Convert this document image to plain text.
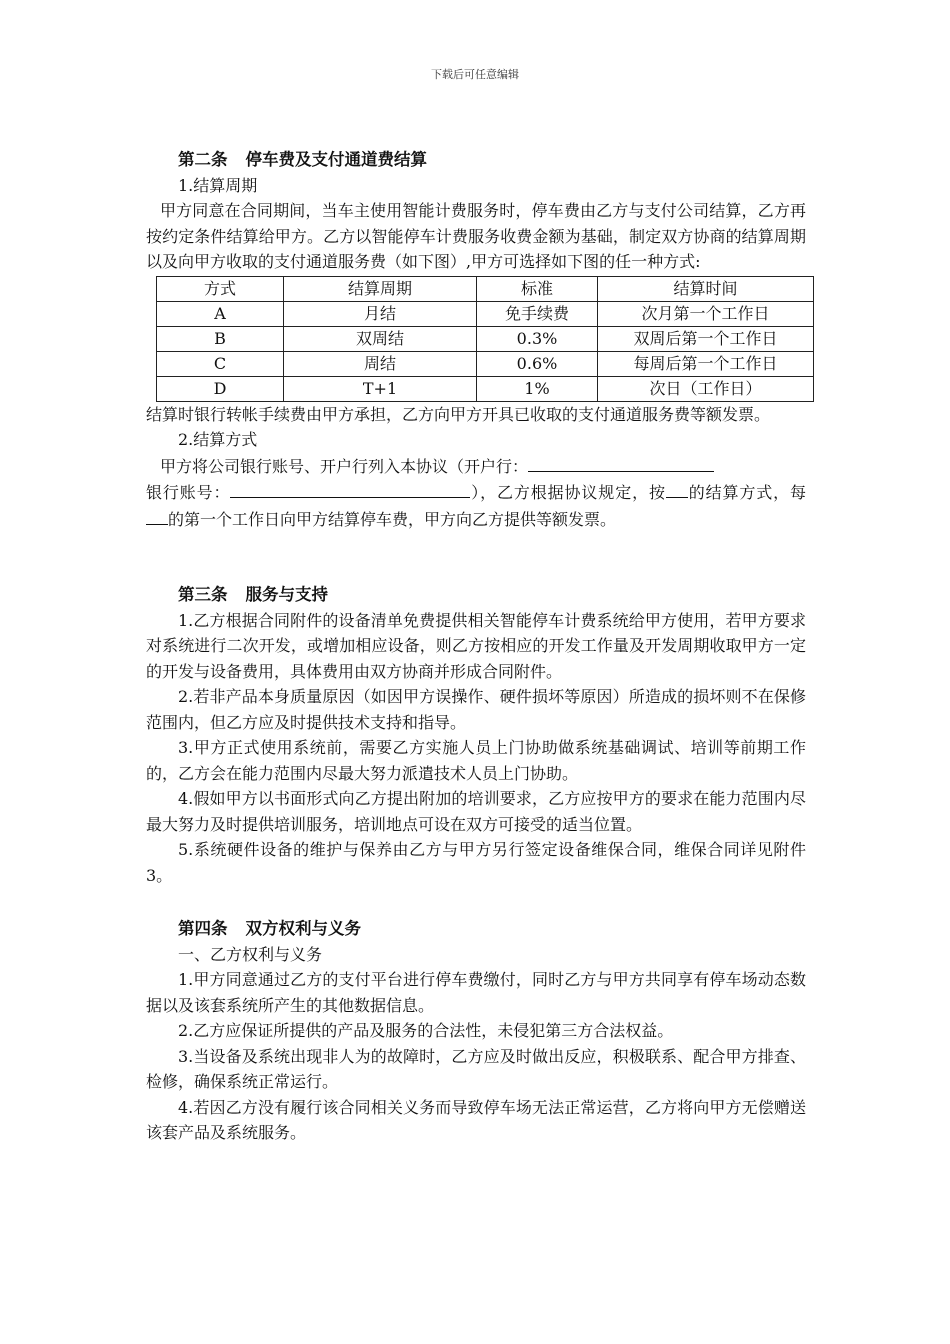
下载后可任意编辑
第二条 停车费及支付通道费结算
1.结算周期

甲方同意在合同期间，当车主使用智能计费服务时，停车费由乙方与支付公司结算，乙方再按约定条件结算给甲方。乙方以智能停车计费服务收费金额为基础，制定双方协商的结算周期以及向甲方收取的支付通道服务费（如下图）,甲方可选择如下图的任一种方式:

方式	结算周期	标准	结算时间
A	月结	免手续费	次月第一个工作日
B	双周结	0.3%	双周后第一个工作日
C	周结	0.6%	每周后第一个工作日
D	T+1	1%	次日（工作日）

结算时银行转帐手续费由甲方承担，乙方向甲方开具已收取的支付通道服务费等额发票。

2.结算方式

甲方将公司银行账号、开户行列入本协议（开户行：
银行账号：	），乙方根据协议规定，按 的结算方式，每的第一个工作日向甲方结算停车费，甲方向乙方提供等额发票。

第三条 服务与支持

1.乙方根据合同附件的设备清单免费提供相关智能停车计费系统给甲方使用，若甲方要求对系统进行二次开发，或增加相应设备，则乙方按相应的开发工作量及开发周期收取甲方一定的开发与设备费用，具体费用由双方协商并形成合同附件。

2.若非产品本身质量原因（如因甲方误操作、硬件损坏等原因）所造成的损坏则不在保修范围内，但乙方应及时提供技术支持和指导。

3.甲方正式使用系统前，需要乙方实施人员上门协助做系统基础调试、培训等前期工作的，乙方会在能力范围内尽最大努力派遣技术人员上门协助。

4.假如甲方以书面形式向乙方提出附加的培训要求，乙方应按甲方的要求在能力范围内尽最大努力及时提供培训服务，培训地点可设在双方可接受的适当位置。

5.系统硬件设备的维护与保养由乙方与甲方另行签定设备维保合同，维保合同详见附件3。

第四条 双方权利与义务
一、乙方权利与义务

1.甲方同意通过乙方的支付平台进行停车费缴付，同时乙方与甲方共同享有停车场动态数据以及该套系统所产生的其他数据信息。

2.乙方应保证所提供的产品及服务的合法性，未侵犯第三方合法权益。

3.当设备及系统出现非人为的故障时，乙方应及时做出反应，积极联系、配合甲方排查、检修，确保系统正常运行。

4.若因乙方没有履行该合同相关义务而导致停车场无法正常运营，乙方将向甲方无偿赠送该套产品及系统服务。
